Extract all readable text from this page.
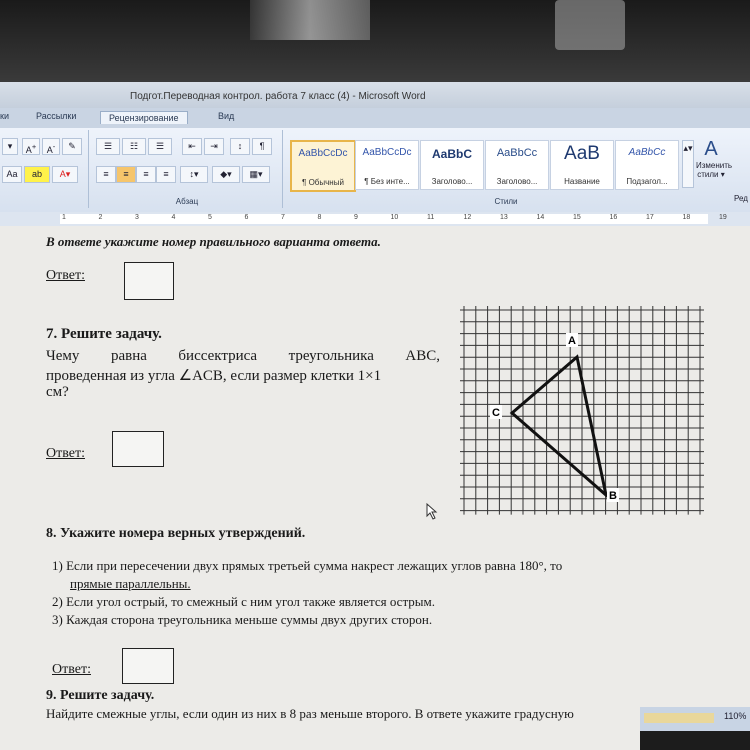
Подгот.Переводная контрол. работа 7 класс (4) - Microsoft Word
ки	Рассылки	Рецензирование	Вид
▾	A+	A-	✎
Aa	ab	A▾
☰	☷	☰	⇤	⇥	↕	¶
≡	≡	≡	≡	↕▾	◆▾	▦▾
Абзац
AaBbCcDc
¶ Обычный
AaBbCcDc
¶ Без инте...
AaBbC
Заголово...
AaBbCc
Заголово...
AaB
Название
AaBbCc
Подзагол...
▴▾ A
Изменить стили ▾
Стили	Ред
1	2	3	4	5	6	7	8	9	10	11	12	13	14	15	16	17	18	19
В ответе укажите номер правильного варианта ответа.
Ответ:
7. Решите задачу.
Чему равна биссектриса треугольника ABC,
проведенная из угла ∠ACB, если размер клетки 1×1
см?
Ответ:
A
C
B
8. Укажите номера верных утверждений.
1) Если при пересечении двух прямых третьей сумма накрест лежащих углов равна 180°, то
прямые параллельны.
2) Если угол острый, то смежный с ним угол также является острым.
3) Каждая сторона треугольника меньше суммы двух других сторон.
Ответ:
9. Решите задачу.
Найдите смежные углы, если один из них в 8 раз меньше второго. В ответе укажите градусную	110%
